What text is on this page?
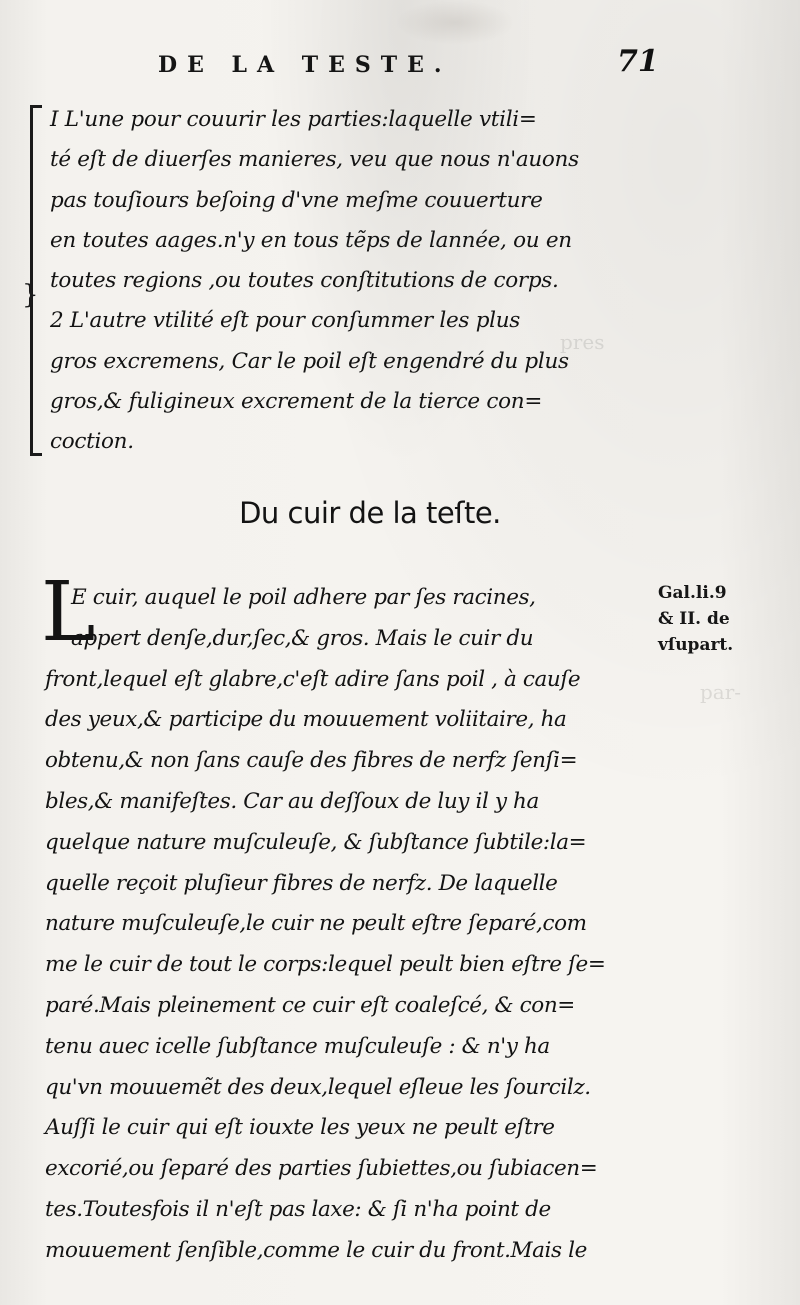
pres
par-
DE LA TESTE.	71
}
I L'une pour couurir les parties:laquelle vtili=
té eſt de diuerſes manieres, veu que nous n'auons
pas touſiours beſoing d'vne meſme couuerture
en toutes aages.n'y en tous tẽps de lannée, ou en
toutes regions ,ou toutes conſtitutions de corps.
2 L'autre vtilité eſt pour conſummer les plus
gros excremens, Car le poil eſt engendré du plus
gros,& fuligineux excrement de la tierce con=
coction.
Du cuir de la teſte.
L
E cuir, auquel le poil adhere par ſes racines,
appert denſe,dur,ſec,& gros. Mais le cuir du
front,lequel eſt glabre,c'eſt adire ſans poil , à cauſe
des yeux,& participe du mouuement voliitaire, ha
obtenu,& non ſans cauſe des fibres de nerfz ſenſi=
bles,& manifeſtes. Car au deſſoux de luy il y ha
quelque nature muſculeuſe, & ſubſtance ſubtile:la=
quelle reçoit pluſieur fibres de nerfz. De laquelle
nature muſculeuſe,le cuir ne peult eſtre ſeparé,com
me le cuir de tout le corps:lequel peult bien eſtre ſe=
paré.Mais pleinement ce cuir eſt coaleſcé, & con=
tenu auec icelle ſubſtance muſculeuſe : & n'y ha
qu'vn mouuemẽt des deux,lequel eſleue les ſourcilz.
Auſſi le cuir qui eſt iouxte les yeux ne peult eſtre
excorié,ou ſeparé des parties ſubiettes,ou ſubiacen=
tes.Toutesfois il n'eſt pas laxe: & ſi n'ha point de
mouuement ſenſible,comme le cuir du front.Mais le
Gal.li.9
& II. de
vſupart.
